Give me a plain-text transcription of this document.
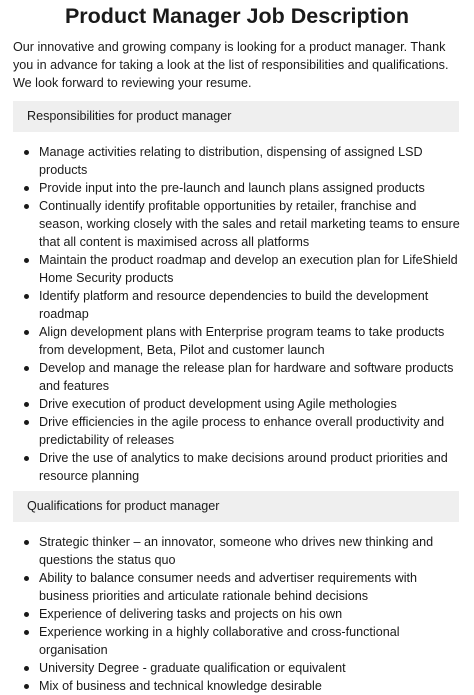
Product Manager Job Description

Our innovative and growing company is looking for a product manager. Thank you in advance for taking a look at the list of responsibilities and qualifications. We look forward to reviewing your resume.

Responsibilities for product manager
Manage activities relating to distribution, dispensing of assigned LSD products
Provide input into the pre-launch and launch plans assigned products
Continually identify profitable opportunities by retailer, franchise and season, working closely with the sales and retail marketing teams to ensure that all content is maximised across all platforms
Maintain the product roadmap and develop an execution plan for LifeShield Home Security products
Identify platform and resource dependencies to build the development roadmap
Align development plans with Enterprise program teams to take products from development, Beta, Pilot and customer launch
Develop and manage the release plan for hardware and software products and features
Drive execution of product development using Agile methologies
Drive efficiencies in the agile process to enhance overall productivity and predictability of releases
Drive the use of analytics to make decisions around product priorities and resource planning
Qualifications for product manager
Strategic thinker – an innovator, someone who drives new thinking and questions the status quo
Ability to balance consumer needs and advertiser requirements with business priorities and articulate rationale behind decisions
Experience of delivering tasks and projects on his own
Experience working in a highly collaborative and cross-functional organisation
University Degree - graduate qualification or equivalent
Mix of business and technical knowledge desirable
